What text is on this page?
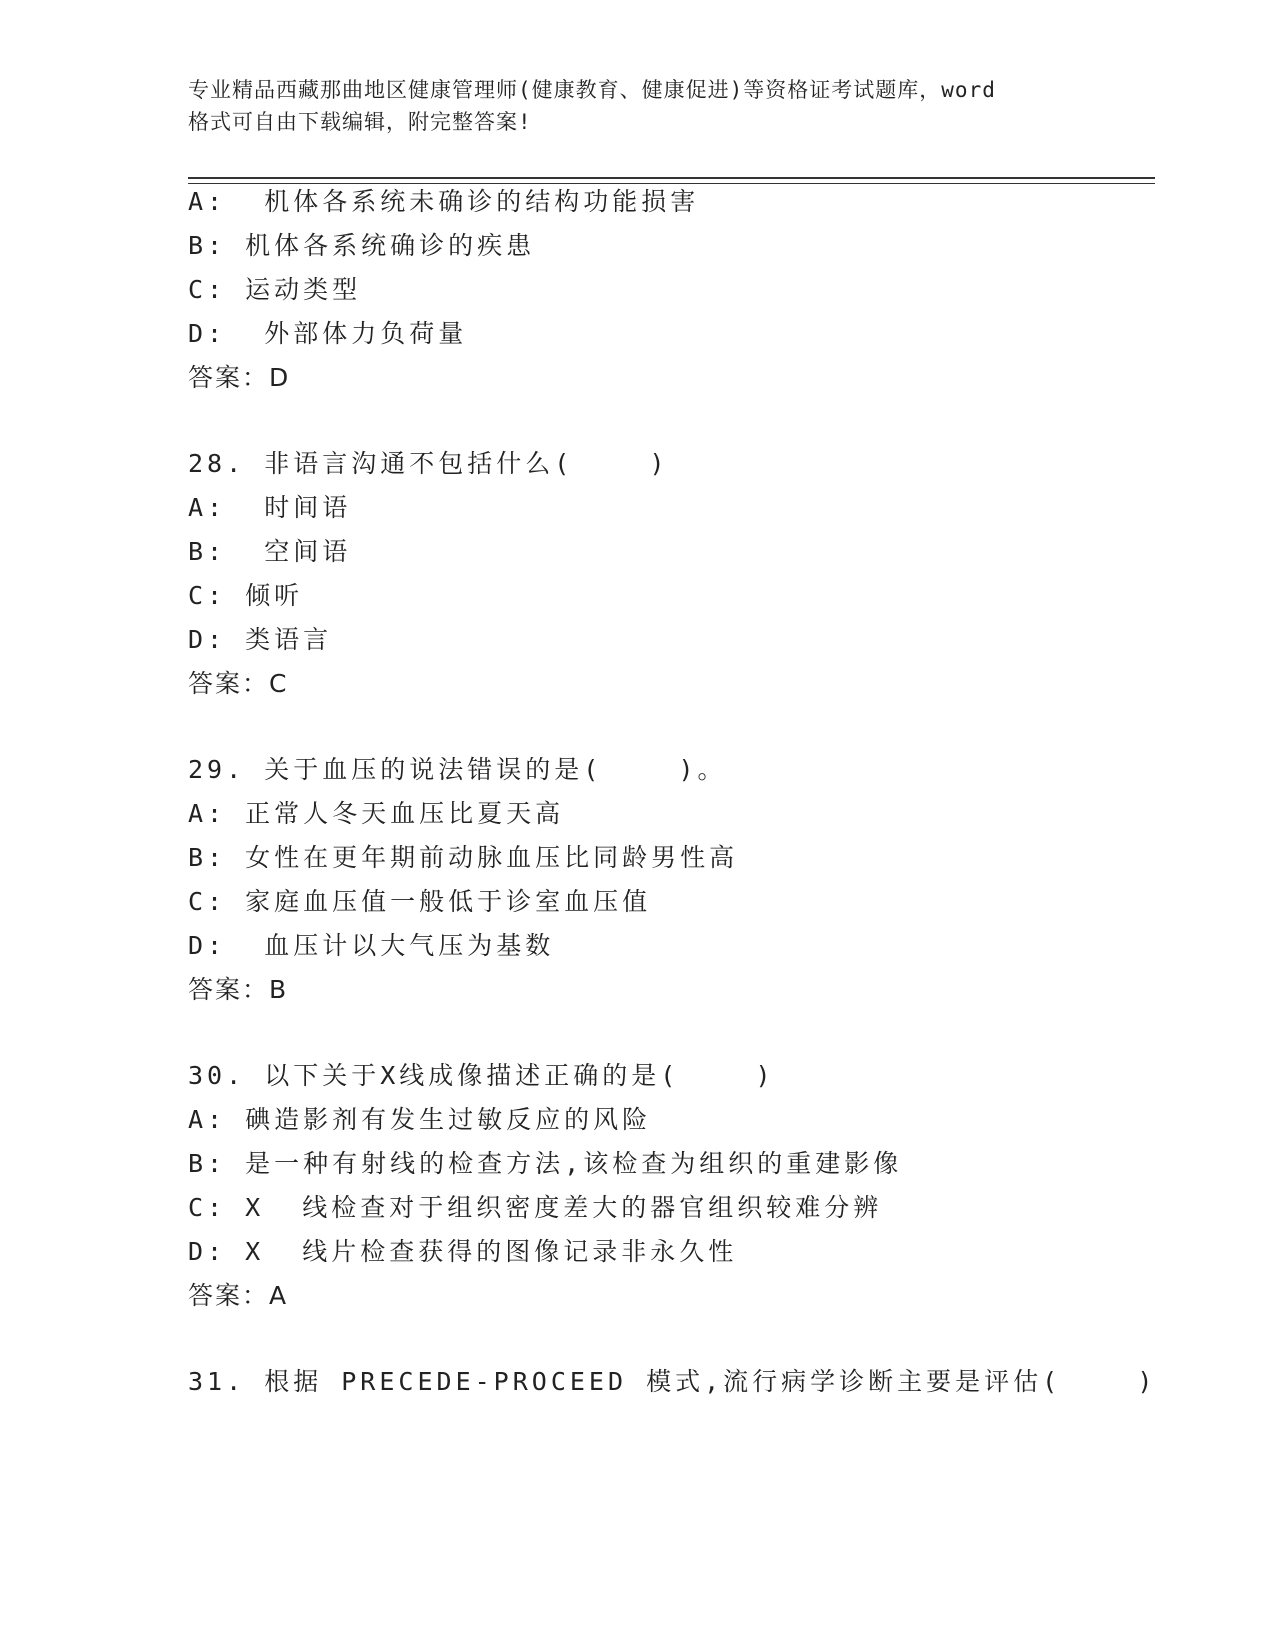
专业精品西藏那曲地区健康管理师(健康教育、健康促进)等资格证考试题库，word
格式可自由下载编辑，附完整答案!
A:  机体各系统未确诊的结构功能损害
B: 机体各系统确诊的疾患
C: 运动类型
D:  外部体力负荷量
答案：D
28. 非语言沟通不包括什么(    )
A:  时间语
B:  空间语
C: 倾听
D: 类语言
答案：C
29. 关于血压的说法错误的是(    )。
A: 正常人冬天血压比夏天高
B: 女性在更年期前动脉血压比同龄男性高
C: 家庭血压值一般低于诊室血压值
D:  血压计以大气压为基数
答案：B
30. 以下关于X线成像描述正确的是(    )
A: 碘造影剂有发生过敏反应的风险
B: 是一种有射线的检查方法,该检查为组织的重建影像
C: X  线检查对于组织密度差大的器官组织较难分辨
D: X  线片检查获得的图像记录非永久性
答案：A
31. 根据 PRECEDE-PROCEED 模式,流行病学诊断主要是评估(    )
